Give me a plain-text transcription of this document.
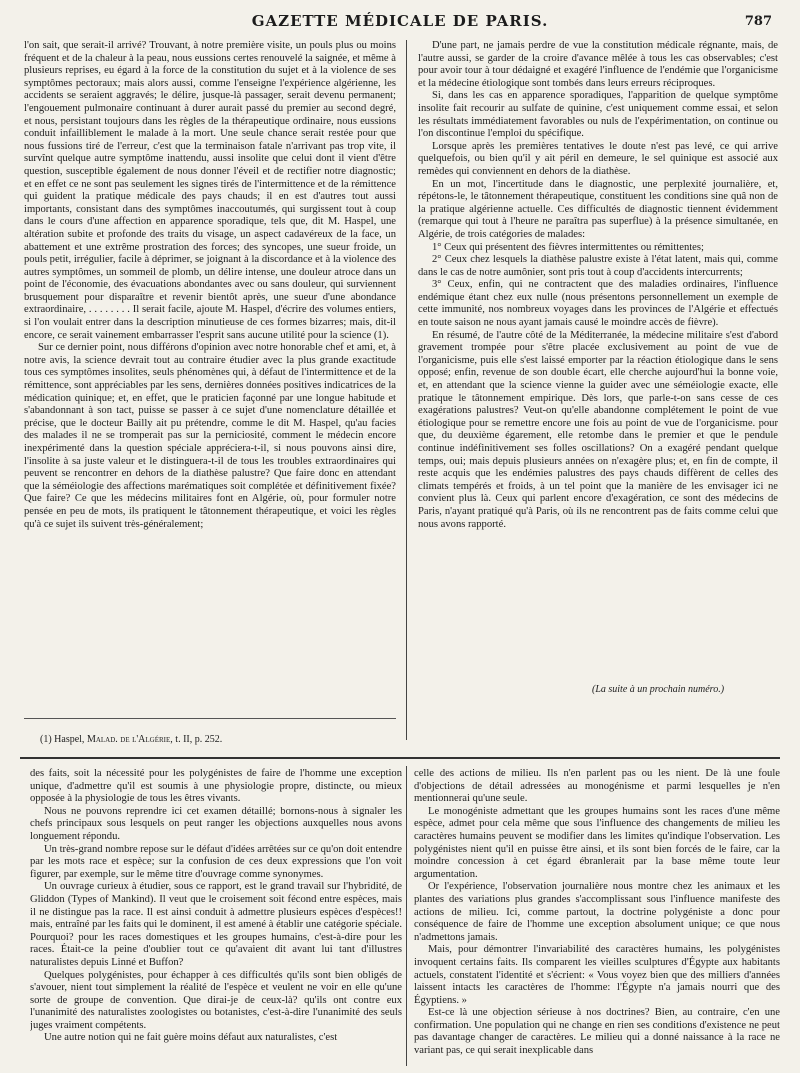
GAZETTE MÉDICALE DE PARIS.	787

l'on sait, que serait-il arrivé? Trouvant, à notre première visite, un pouls plus ou moins fréquent et de la chaleur à la peau, nous eussions certes renouvelé la saignée, et même à plusieurs reprises, eu égard à la force de la constitution du sujet et à la violence de ses symptômes pectoraux; mais alors aussi, comme l'enseigne l'expérience algérienne, les accidents se seraient aggravés; le délire, jusque-là passager, serait devenu permanent; l'engouement pulmonaire continuant à durer aurait passé du premier au second degré, et nous, persistant toujours dans les règles de la thérapeutique ordinaire, nous eussions conduit infailliblement le malade à la mort. Une seule chance serait restée pour que nous fussions tiré de l'erreur, c'est que la terminaison fatale n'arrivant pas trop vite, il survînt quelque autre symptôme inattendu, aussi insolite que celui dont il vient d'être question, susceptible également de nous donner l'éveil et de rectifier notre diagnostic; et en effet ce ne sont pas seulement les signes tirés de l'intermittence et de la rémittence qui guident la pratique médicale des pays chauds; il en est d'autres tout aussi importants, consistant dans des symptômes inaccoutumés, qui surgissent tout à coup dans le cours d'une affection en apparence sporadique, tels que, dit M. Haspel, une altération subite et profonde des traits du visage, un aspect cadavéreux de la face, un abattement et une extrême prostration des forces; des syncopes, une sueur froide, un pouls petit, irrégulier, facile à déprimer, se joignant à la discordance et à la violence des autres symptômes, un sommeil de plomb, un délire intense, une douleur atroce dans un point de l'économie, des évacuations abondantes avec ou sans douleur, qui surviennent brusquement pour disparaître et revenir bientôt après, une sueur d'une abondance extraordinaire, . . . . . . . . Il serait facile, ajoute M. Haspel, d'écrire des volumes entiers, si l'on voulait entrer dans la description minutieuse de ces formes bizarres; mais, dit-il encore, ce serait vainement embarrasser l'esprit sans aucune utilité pour la science (1).

Sur ce dernier point, nous différons d'opinion avec notre honorable chef et ami, et, à notre avis, la science devrait tout au contraire étudier avec la plus grande exactitude tous ces symptômes insolites, seuls phénomènes qui, à défaut de l'intermittence et de la rémittence, sont appréciables par les sens, dernières données positives indicatrices de la médication quinique; et, en effet, que le praticien façonné par une longue habitude et s'abandonnant à son tact, puisse se passer à ce sujet d'une nomenclature détaillée et précise, que le docteur Bailly ait pu prétendre, comme le dit M. Haspel, qu'au facies des malades il ne se tromperait pas sur la perniciosité, comment le médecin encore inexpérimenté dans la question spéciale appréciera-t-il, si nous pouvons ainsi dire, l'insolite à sa juste valeur et le distinguera-t-il de tous les troubles extraordinaires qui peuvent se rencontrer en dehors de la diathèse palustre? Que faire donc en attendant que la séméiologie des affections marématiques soit complétée et définitivement fixée? Que faire? Ce que les médecins militaires font en Algérie, où, pour formuler notre pensée en peu de mots, ils pratiquent le tâtonnement thérapeutique, et voici les règles qu'à ce sujet ils suivent très-généralement;

D'une part, ne jamais perdre de vue la constitution médicale régnante, mais, de l'autre aussi, se garder de la croire d'avance mêlée à tous les cas observables; c'est pour avoir tour à tour dédaigné et exagéré l'influence de l'endémie que l'organicisme et la médecine étiologique sont tombés dans leurs erreurs réciproques.

Si, dans les cas en apparence sporadiques, l'apparition de quelque symptôme insolite fait recourir au sulfate de quinine, c'est uniquement comme essai, et selon les résultats immédiatement favorables ou nuls de l'expérimentation, on continue ou l'on discontinue l'emploi du spécifique.

Lorsque après les premières tentatives le doute n'est pas levé, ce qui arrive quelquefois, ou bien qu'il y ait péril en demeure, le sel quinique est associé aux remèdes qui conviennent en dehors de la diathèse.

En un mot, l'incertitude dans le diagnostic, une perplexité journalière, et, répétons-le, le tâtonnement thérapeutique, constituent les conditions sine quâ non de la pratique algérienne actuelle. Ces difficultés de diagnostic tiennent évidemment (remarque qui tout à l'heure ne paraîtra pas superflue) à la présence simultanée, en Algérie, de trois catégories de malades:

1° Ceux qui présentent des fièvres intermittentes ou rémittentes;

2° Ceux chez lesquels la diathèse palustre existe à l'état latent, mais qui, comme dans le cas de notre aumônier, sont pris tout à coup d'accidents intercurrents;

3° Ceux, enfin, qui ne contractent que des maladies ordinaires, l'influence endémique étant chez eux nulle (nous présentons personnellement un exemple de cette immunité, nos nombreux voyages dans les provinces de l'Algérie et effectués en toute saison ne nous ayant jamais causé le moindre accès de fièvre).

En résumé, de l'autre côté de la Méditerranée, la médecine militaire s'est d'abord gravement trompée pour s'être placée exclusivement au point de vue de l'organicisme, puis elle s'est laissé emporter par la réaction étiologique dans le sens opposé; enfin, revenue de son double écart, elle cherche aujourd'hui la bonne voie, et, en attendant que la science vienne la guider avec une séméiologie exacte, elle pratique le tâtonnement empirique. Dès lors, que parle-t-on sans cesse de ces exagérations palustres? Veut-on qu'elle abandonne complétement le point de vue étiologique pour se remettre encore une fois au point de vue de l'organicisme. pour que, du deuxième égarement, elle retombe dans le premier et que le pendule continue indéfinitivement ses folles oscillations? On a exagéré pendant quelque temps, oui; mais depuis plusieurs années on n'exagère plus; et, en fin de compte, il reste acquis que les endémies palustres des pays chauds diffèrent de celles des climats tempérés et froids, à un tel point que la manière de les envisager ici ne convient plus là. Ceux qui parlent encore d'exagération, ce sont des médecins de Paris, n'ayant pratiqué qu'à Paris, où ils ne rencontrent pas de faits comme celui que nous avons rapporté.

(La suite à un prochain numéro.)
(1) Haspel, Malad. de l'Algérie, t. II, p. 252.

des faits, soit la nécessité pour les polygénistes de faire de l'homme une exception unique, d'admettre qu'il est soumis à une physiologie propre, distincte, ou mieux opposée à la physiologie de tous les êtres vivants.

Nous ne pouvons reprendre ici cet examen détaillé; bornons-nous à signaler les chefs principaux sous lesquels on peut ranger les objections auxquelles nous avons longuement répondu.

Un très-grand nombre repose sur le défaut d'idées arrêtées sur ce qu'on doit entendre par les mots race et espèce; sur la confusion de ces deux expressions que l'on voit figurer, par exemple, sur le même titre d'ouvrage comme synonymes.

Un ouvrage curieux à étudier, sous ce rapport, est le grand travail sur l'hybridité, de Gliddon (Types of Mankind). Il veut que le croisement soit fécond entre espèces, mais il ne distingue pas la race. Il est ainsi conduit à admettre plusieurs espèces d'espèces!! mais, entraîné par les faits qui le dominent, il est amené à établir une catégorie spéciale. Pourquoi? pour les races domestiques et les groupes humains, c'est-à-dire pour les races. Était-ce la peine d'oublier tout ce qu'avaient dit avant lui tant d'illustres naturalistes depuis Linné et Buffon?

Quelques polygénistes, pour échapper à ces difficultés qu'ils sont bien obligés de s'avouer, nient tout simplement la réalité de l'espèce et veulent ne voir en elle qu'une sorte de groupe de convention. Que dirai-je de ceux-là? qu'ils ont contre eux l'unanimité des naturalistes zoologistes ou botanistes, c'est-à-dire l'unanimité des seuls juges vraiment compétents.

Une autre notion qui ne fait guère moins défaut aux naturalistes, c'est

celle des actions de milieu. Ils n'en parlent pas ou les nient. De là une foule d'objections de détail adressées au monogénisme et parmi lesquelles je n'en mentionnerai qu'une seule.

Le monogéniste admettant que les groupes humains sont les races d'une même espèce, admet pour cela même que sous l'influence des changements de milieu les caractères humains peuvent se modifier dans les limites qu'indique l'observation. Les polygénistes nient qu'il en puisse être ainsi, et ils sont bien forcés de le faire, car la moindre concession à cet égard ébranlerait par la base même toute leur argumentation.

Or l'expérience, l'observation journalière nous montre chez les animaux et les plantes des variations plus grandes s'accomplissant sous l'influence manifeste des actions de milieu. Ici, comme partout, la doctrine polygéniste a donc pour conséquence de faire de l'homme une exception absolument unique; ce que nous n'admettons jamais.

Mais, pour démontrer l'invariabilité des caractères humains, les polygénistes invoquent certains faits. Ils comparent les vieilles sculptures d'Égypte aux habitants actuels, constatent l'identité et s'écrient: « Vous voyez bien que des milliers d'années laissent intacts les caractères de l'homme: l'Égypte n'a jamais nourri que des Égyptiens. »

Est-ce là une objection sérieuse à nos doctrines? Bien, au contraire, c'en une confirmation. Une population qui ne change en rien ses conditions d'existence ne peut pas davantage changer de caractères. Le milieu qui a donné naissance à la race ne variant pas, ce qui serait inexplicable dans
